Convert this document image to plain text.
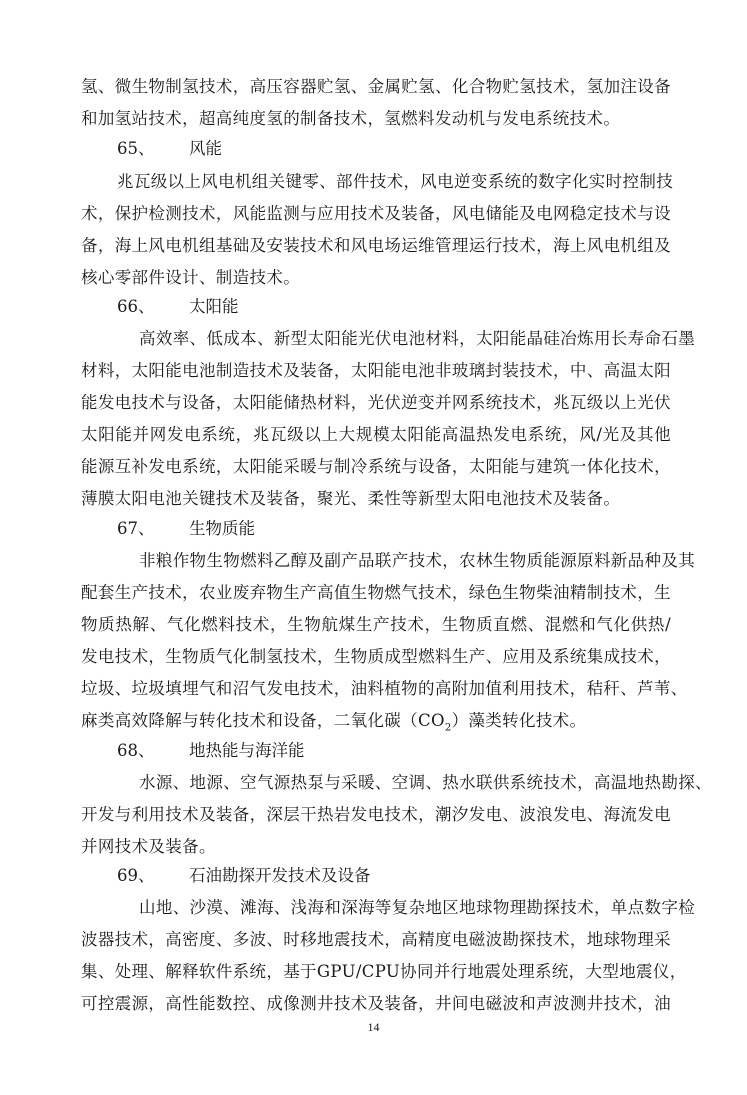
氢、微生物制氢技术，高压容器贮氢、金属贮氢、化合物贮氢技术，氢加注设备
和加氢站技术，超高纯度氢的制备技术，氢燃料发动机与发电系统技术。
65、 风能
兆瓦级以上风电机组关键零、部件技术，风电逆变系统的数字化实时控制技
术，保护检测技术，风能监测与应用技术及装备，风电储能及电网稳定技术与设
备，海上风电机组基础及安装技术和风电场运维管理运行技术，海上风电机组及
核心零部件设计、制造技术。
66、 太阳能
高效率、低成本、新型太阳能光伏电池材料，太阳能晶硅冶炼用长寿命石墨
材料，太阳能电池制造技术及装备，太阳能电池非玻璃封装技术，中、高温太阳
能发电技术与设备，太阳能储热材料，光伏逆变并网系统技术，兆瓦级以上光伏
太阳能并网发电系统，兆瓦级以上大规模太阳能高温热发电系统，风/光及其他
能源互补发电系统，太阳能采暖与制冷系统与设备，太阳能与建筑一体化技术，
薄膜太阳电池关键技术及装备，聚光、柔性等新型太阳电池技术及装备。
67、 生物质能
非粮作物生物燃料乙醇及副产品联产技术，农林生物质能源原料新品种及其
配套生产技术，农业废弃物生产高值生物燃气技术，绿色生物柴油精制技术，生
物质热解、气化燃料技术，生物航煤生产技术，生物质直燃、混燃和气化供热/
发电技术，生物质气化制氢技术，生物质成型燃料生产、应用及系统集成技术，
垃圾、垃圾填埋气和沼气发电技术，油料植物的高附加值利用技术，秸秆、芦苇、
麻类高效降解与转化技术和设备，二氧化碳$(CO_2)$藻类转化技术。
68、 地热能与海洋能
水源、地源、空气源热泵与采暖、空调、热水联供系统技术，高温地热勘探、
开发与利用技术及装备，深层干热岩发电技术，潮汐发电、波浪发电、海流发电
并网技术及装备。
69、 石油勘探开发技术及设备
山地、沙漠、滩海、浅海和深海等复杂地区地球物理勘探技术，单点数字检
波器技术，高密度、多波、时移地震技术，高精度电磁波勘探技术，地球物理采
集、处理、解释软件系统，基于GPU/CPU协同并行地震处理系统，大型地震仪，
可控震源，高性能数控、成像测井技术及装备，井间电磁波和声波测井技术，油
14
